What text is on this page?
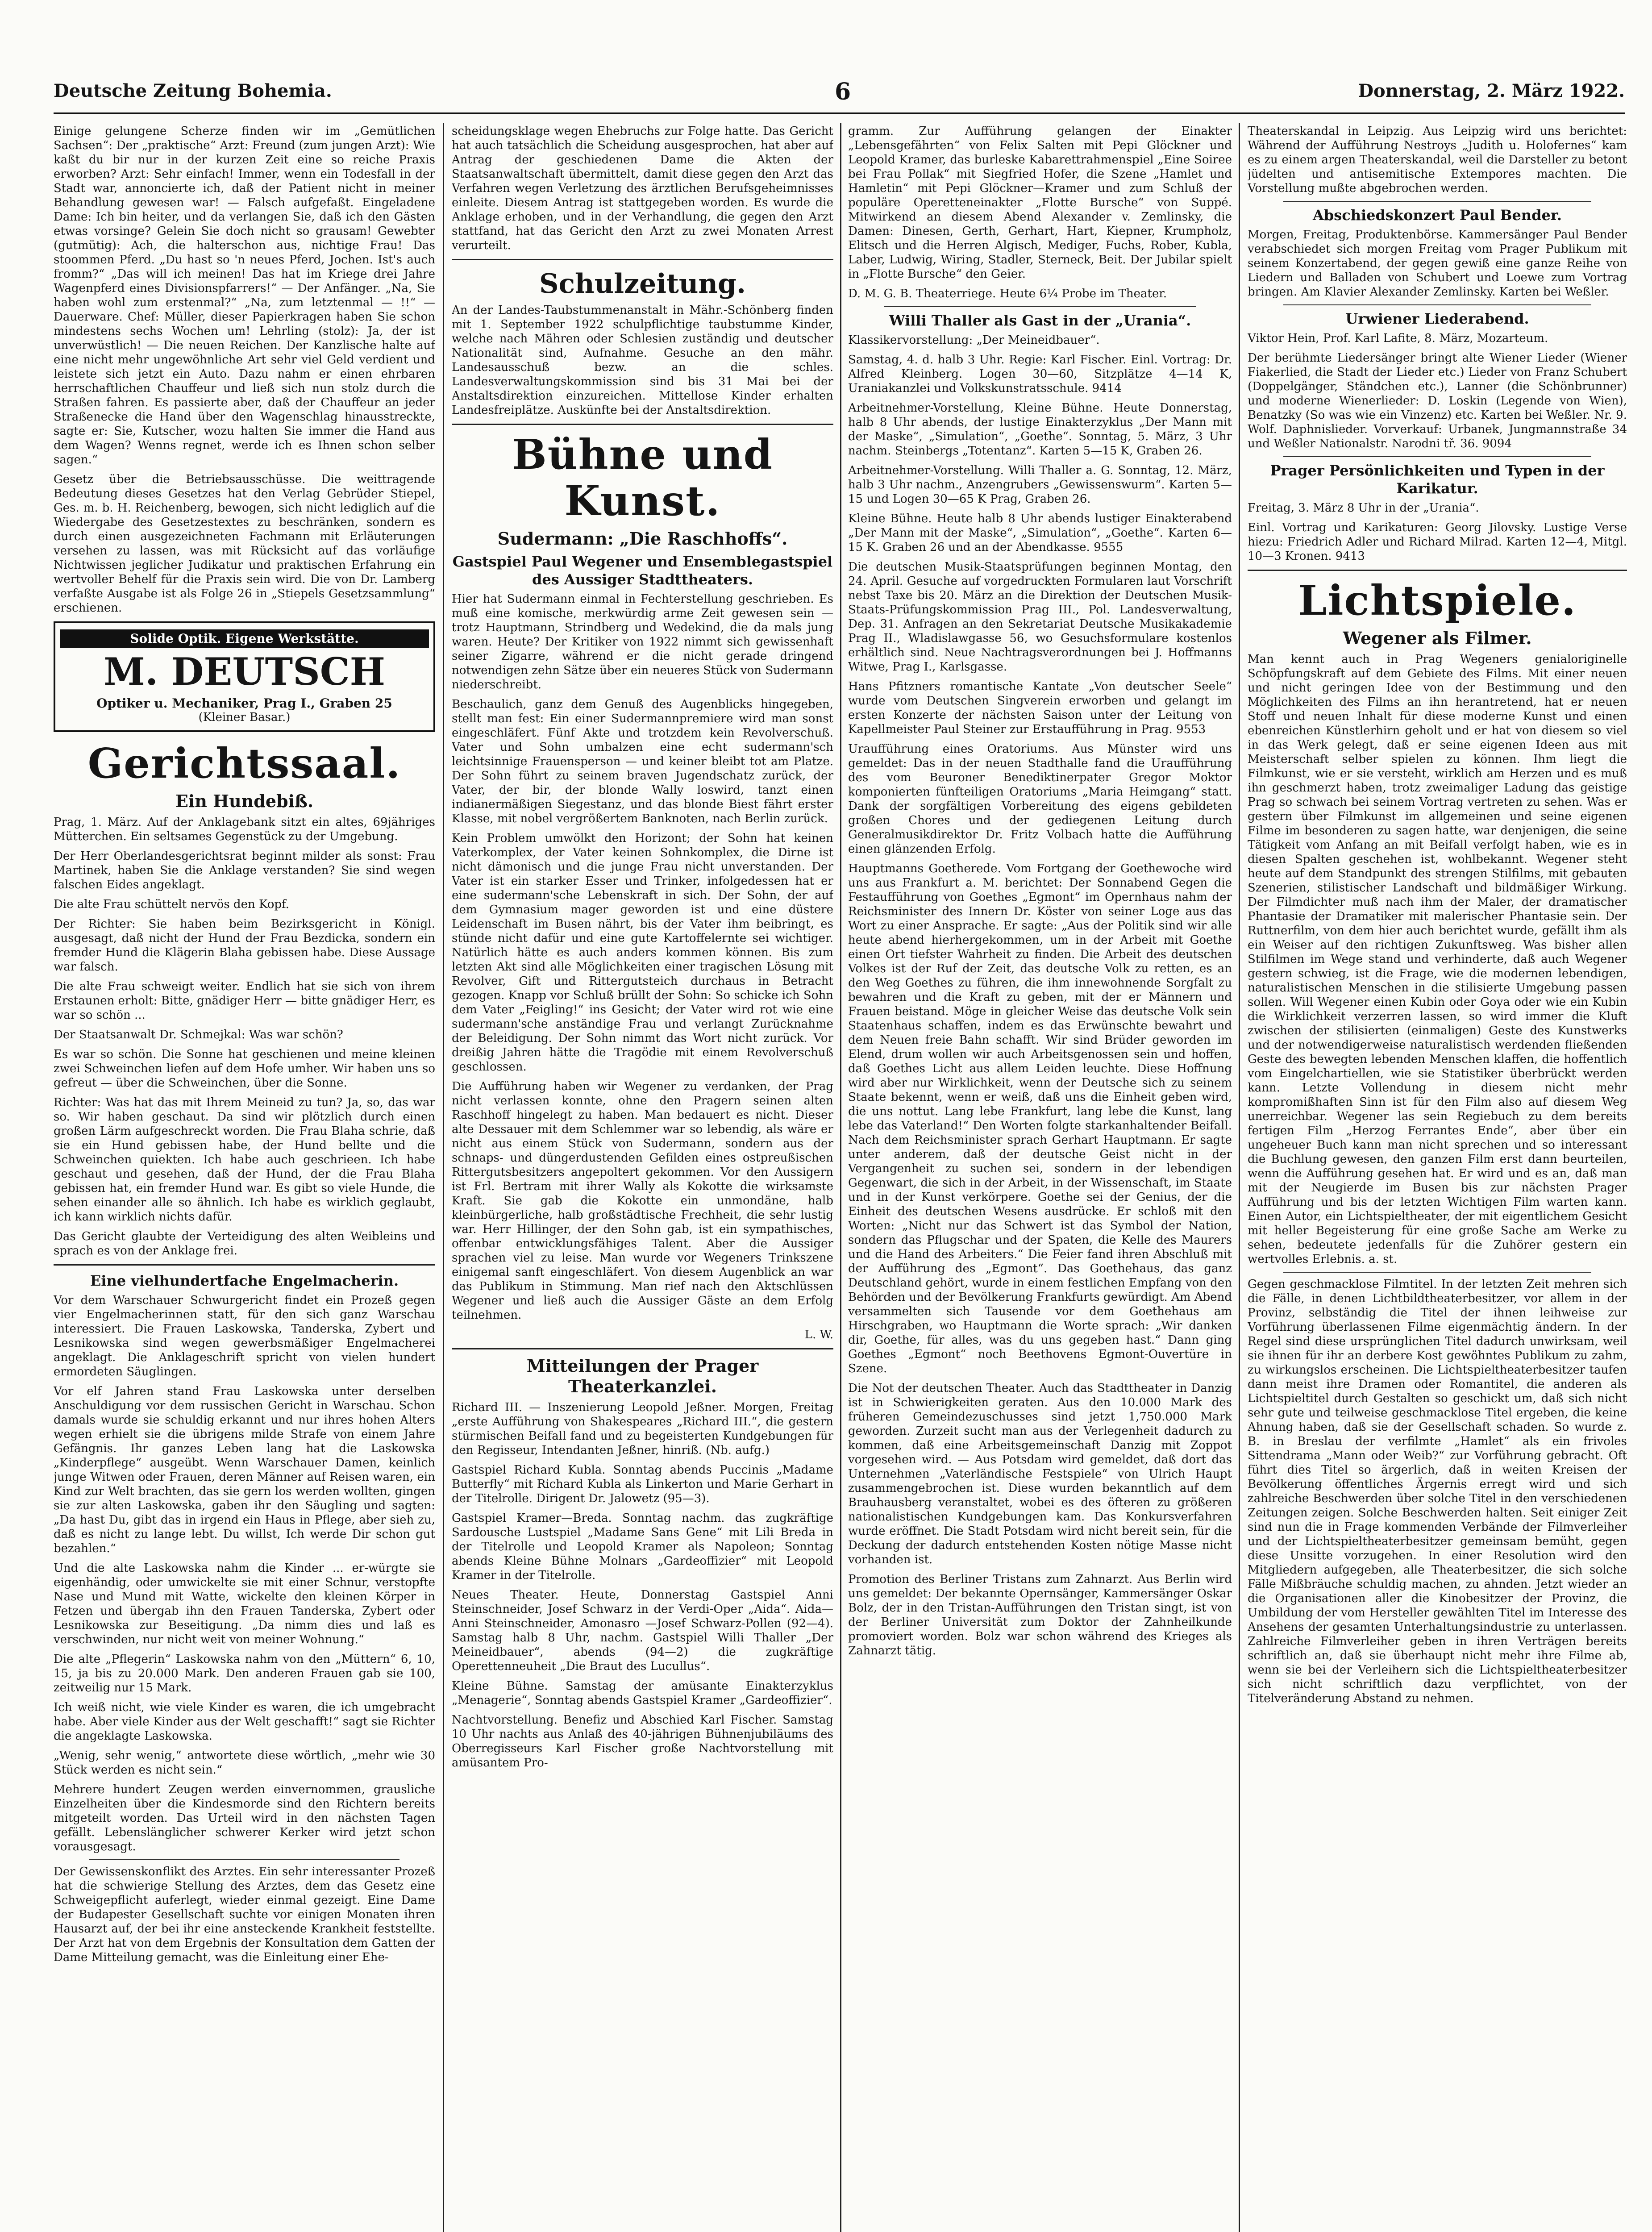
Deutsche Zeitung Bohemia.	6	Donnerstag, 2. März 1922.

Einige gelungene Scherze finden wir im „Gemütlichen Sachsen“: Der „praktische“ Arzt: Freund (zum jungen Arzt): Wie kaßt du bir nur in der kurzen Zeit eine so reiche Praxis erworben? Arzt: Sehr einfach! Immer, wenn ein Todesfall in der Stadt war, annoncierte ich, daß der Patient nicht in meiner Behandlung gewesen war! — Falsch aufgefaßt. Eingeladene Dame: Ich bin heiter, und da verlangen Sie, daß ich den Gästen etwas vorsinge? Gelein Sie doch nicht so grausam! Gewebter (gutmütig): Ach, die halterschon aus, nichtige Frau! Das stoommen Pferd. „Du hast so 'n neues Pferd, Jochen. Ist's auch fromm?“ „Das will ich meinen! Das hat im Kriege drei Jahre Wagenpferd eines Divisionspfarrers!“ — Der Anfänger. „Na, Sie haben wohl zum erstenmal?“ „Na, zum letztenmal — !!“ — Dauerware. Chef: Müller, dieser Papierkragen haben Sie schon mindestens sechs Wochen um! Lehrling (stolz): Ja, der ist unverwüstlich! — Die neuen Reichen. Der Kanzlische halte auf eine nicht mehr ungewöhnliche Art sehr viel Geld verdient und leistete sich jetzt ein Auto. Dazu nahm er einen ehrbaren herrschaftlichen Chauffeur und ließ sich nun stolz durch die Straßen fahren. Es passierte aber, daß der Chauffeur an jeder Straßenecke die Hand über den Wagenschlag hinausstreckte, sagte er: Sie, Kutscher, wozu halten Sie immer die Hand aus dem Wagen? Wenns regnet, werde ich es Ihnen schon selber sagen.“

Gesetz über die Betriebsausschüsse. Die weittragende Bedeutung dieses Gesetzes hat den Verlag Gebrüder Stiepel, Ges. m. b. H. Reichenberg, bewogen, sich nicht lediglich auf die Wiedergabe des Gesetzestextes zu beschränken, sondern es durch einen ausgezeichneten Fachmann mit Erläuterungen versehen zu lassen, was mit Rücksicht auf das vorläufige Nichtwissen jeglicher Judikatur und praktischen Erfahrung ein wertvoller Behelf für die Praxis sein wird. Die von Dr. Lamberg verfaßte Ausgabe ist als Folge 26 in „Stiepels Gesetzsammlung“ erschienen.

Solide Optik. Eigene Werkstätte.
M. DEUTSCH
Optiker u. Mechaniker, Prag I., Graben 25
(Kleiner Basar.)
Gerichtssaal.
Ein Hundebiß.

Prag, 1. März. Auf der Anklagebank sitzt ein altes, 69jähriges Mütterchen. Ein seltsames Gegenstück zu der Umgebung.

Der Herr Oberlandesgerichtsrat beginnt milder als sonst: Frau Martinek, haben Sie die Anklage verstanden? Sie sind wegen falschen Eides angeklagt.

Die alte Frau schüttelt nervös den Kopf.

Der Richter: Sie haben beim Bezirksgericht in Königl. ausgesagt, daß nicht der Hund der Frau Bezdicka, sondern ein fremder Hund die Klägerin Blaha gebissen habe. Diese Aussage war falsch.

Die alte Frau schweigt weiter. Endlich hat sie sich von ihrem Erstaunen erholt: Bitte, gnädiger Herr — bitte gnädiger Herr, es war so schön ...

Der Staatsanwalt Dr. Schmejkal: Was war schön?

Es war so schön. Die Sonne hat geschienen und meine kleinen zwei Schweinchen liefen auf dem Hofe umher. Wir haben uns so gefreut — über die Schweinchen, über die Sonne.

Richter: Was hat das mit Ihrem Meineid zu tun? Ja, so, das war so. Wir haben geschaut. Da sind wir plötzlich durch einen großen Lärm aufgeschreckt worden. Die Frau Blaha schrie, daß sie ein Hund gebissen habe, der Hund bellte und die Schweinchen quiekten. Ich habe auch geschrieen. Ich habe geschaut und gesehen, daß der Hund, der die Frau Blaha gebissen hat, ein fremder Hund war. Es gibt so viele Hunde, die sehen einander alle so ähnlich. Ich habe es wirklich geglaubt, ich kann wirklich nichts dafür.

Das Gericht glaubte der Verteidigung des alten Weibleins und sprach es von der Anklage frei.

Eine vielhundertfache Engelmacherin.

Vor dem Warschauer Schwurgericht findet ein Prozeß gegen vier Engelmacherinnen statt, für den sich ganz Warschau interessiert. Die Frauen Laskowska, Tanderska, Zybert und Lesnikowska sind wegen gewerbsmäßiger Engelmacherei angeklagt. Die Anklageschrift spricht von vielen hundert ermordeten Säuglingen.

Vor elf Jahren stand Frau Laskowska unter derselben Anschuldigung vor dem russischen Gericht in Warschau. Schon damals wurde sie schuldig erkannt und nur ihres hohen Alters wegen erhielt sie die übrigens milde Strafe von einem Jahre Gefängnis. Ihr ganzes Leben lang hat die Laskowska „Kinderpflege“ ausgeübt. Wenn Warschauer Damen, keinlich junge Witwen oder Frauen, deren Männer auf Reisen waren, ein Kind zur Welt brachten, das sie gern los werden wollten, gingen sie zur alten Laskowska, gaben ihr den Säugling und sagten: „Da hast Du, gibt das in irgend ein Haus in Pflege, aber sieh zu, daß es nicht zu lange lebt. Du willst, Ich werde Dir schon gut bezahlen.“

Und die alte Laskowska nahm die Kinder ... er-würgte sie eigenhändig, oder umwickelte sie mit einer Schnur, verstopfte Nase und Mund mit Watte, wickelte den kleinen Körper in Fetzen und übergab ihn den Frauen Tanderska, Zybert oder Lesnikowska zur Beseitigung. „Da nimm dies und laß es verschwinden, nur nicht weit von meiner Wohnung.“

Die alte „Pflegerin“ Laskowska nahm von den „Müttern“ 6, 10, 15, ja bis zu 20.000 Mark. Den anderen Frauen gab sie 100, zeitweilig nur 15 Mark.

Ich weiß nicht, wie viele Kinder es waren, die ich umgebracht habe. Aber viele Kinder aus der Welt geschafft!“ sagt sie Richter die angeklagte Laskowska.

„Wenig, sehr wenig,“ antwortete diese wörtlich, „mehr wie 30 Stück werden es nicht sein.“

Mehrere hundert Zeugen werden einvernommen, grausliche Einzelheiten über die Kindesmorde sind den Richtern bereits mitgeteilt worden. Das Urteil wird in den nächsten Tagen gefällt. Lebenslänglicher schwerer Kerker wird jetzt schon vorausgesagt.

Der Gewissenskonflikt des Arztes. Ein sehr interessanter Prozeß hat die schwierige Stellung des Arztes, dem das Gesetz eine Schweigepflicht auferlegt, wieder einmal gezeigt. Eine Dame der Budapester Gesellschaft suchte vor einigen Monaten ihren Hausarzt auf, der bei ihr eine ansteckende Krankheit feststellte. Der Arzt hat von dem Ergebnis der Konsultation dem Gatten der Dame Mitteilung gemacht, was die Einleitung einer Ehe-

scheidungsklage wegen Ehebruchs zur Folge hatte. Das Gericht hat auch tatsächlich die Scheidung ausgesprochen, hat aber auf Antrag der geschiedenen Dame die Akten der Staatsanwaltschaft übermittelt, damit diese gegen den Arzt das Verfahren wegen Verletzung des ärztlichen Berufsgeheimnisses einleite. Diesem Antrag ist stattgegeben worden. Es wurde die Anklage erhoben, und in der Verhandlung, die gegen den Arzt stattfand, hat das Gericht den Arzt zu zwei Monaten Arrest verurteilt.

Schulzeitung.

An der Landes-Taubstummenanstalt in Mähr.-Schönberg finden mit 1. September 1922 schulpflichtige taubstumme Kinder, welche nach Mähren oder Schlesien zuständig und deutscher Nationalität sind, Aufnahme. Gesuche an den mähr. Landesausschuß bezw. an die schles. Landesverwaltungskommission sind bis 31 Mai bei der Anstaltsdirektion einzureichen. Mittellose Kinder erhalten Landesfreiplätze. Auskünfte bei der Anstaltsdirektion.

Bühne und Kunst.
Sudermann: „Die Raschhoffs“.
Gastspiel Paul Wegener und Ensemblegastspiel des Aussiger Stadttheaters.

Hier hat Sudermann einmal in Fechterstellung geschrieben. Es muß eine komische, merkwürdig arme Zeit gewesen sein — trotz Hauptmann, Strindberg und Wedekind, die da mals jung waren. Heute? Der Kritiker von 1922 nimmt sich gewissenhaft seiner Zigarre, während er die nicht gerade dringend notwendigen zehn Sätze über ein neueres Stück von Sudermann niederschreibt.

Beschaulich, ganz dem Genuß des Augenblicks hingegeben, stellt man fest: Ein einer Sudermannpremiere wird man sonst eingeschläfert. Fünf Akte und trotzdem kein Revolverschuß. Vater und Sohn umbalzen eine echt sudermann'sch leichtsinnige Frauensperson — und keiner bleibt tot am Platze. Der Sohn führt zu seinem braven Jugendschatz zurück, der Vater, der bir, der blonde Wally loswird, tanzt einen indianermäßigen Siegestanz, und das blonde Biest fährt erster Klasse, mit nobel vergrößertem Banknoten, nach Berlin zurück.

Kein Problem umwölkt den Horizont; der Sohn hat keinen Vaterkomplex, der Vater keinen Sohnkomplex, die Dirne ist nicht dämonisch und die junge Frau nicht unverstanden. Der Vater ist ein starker Esser und Trinker, infolgedessen hat er eine sudermann'sche Lebenskraft in sich. Der Sohn, der auf dem Gymnasium mager geworden ist und eine düstere Leidenschaft im Busen nährt, bis der Vater ihm beibringt, es stünde nicht dafür und eine gute Kartoffelernte sei wichtiger. Natürlich hätte es auch anders kommen können. Bis zum letzten Akt sind alle Möglichkeiten einer tragischen Lösung mit Revolver, Gift und Rittergutsteich durchaus in Betracht gezogen. Knapp vor Schluß brüllt der Sohn: So schicke ich Sohn dem Vater „Feigling!“ ins Gesicht; der Vater wird rot wie eine sudermann'sche anständige Frau und verlangt Zurücknahme der Beleidigung. Der Sohn nimmt das Wort nicht zurück. Vor dreißig Jahren hätte die Tragödie mit einem Revolverschuß geschlossen.

Die Aufführung haben wir Wegener zu verdanken, der Prag nicht verlassen konnte, ohne den Pragern seinen alten Raschhoff hingelegt zu haben. Man bedauert es nicht. Dieser alte Dessauer mit dem Schlemmer war so lebendig, als wäre er nicht aus einem Stück von Sudermann, sondern aus der schnaps- und düngerdustenden Gefilden eines ostpreußischen Rittergutsbesitzers angepoltert gekommen. Vor den Aussigern ist Frl. Bertram mit ihrer Wally als Kokotte die wirksamste Kraft. Sie gab die Kokotte ein unmondäne, halb kleinbürgerliche, halb großstädtische Frechheit, die sehr lustig war. Herr Hillinger, der den Sohn gab, ist ein sympathisches, offenbar entwicklungsfähiges Talent. Aber die Aussiger sprachen viel zu leise. Man wurde vor Wegeners Trinkszene einigemal sanft eingeschläfert. Von diesem Augenblick an war das Publikum in Stimmung. Man rief nach den Aktschlüssen Wegener und ließ auch die Aussiger Gäste an dem Erfolg teilnehmen.

L. W.

Mitteilungen der Prager Theaterkanzlei.

Richard III. — Inszenierung Leopold Jeßner. Morgen, Freitag „erste Aufführung von Shakespeares „Richard III.“, die gestern stürmischen Beifall fand und zu begeisterten Kundgebungen für den Regisseur, Intendanten Jeßner, hinriß. (Nb. aufg.)

Gastspiel Richard Kubla. Sonntag abends Puccinis „Madame Butterfly“ mit Richard Kubla als Linkerton und Marie Gerhart in der Titelrolle. Dirigent Dr. Jalowetz (95—3).

Gastspiel Kramer—Breda. Sonntag nachm. das zugkräftige Sardousche Lustspiel „Madame Sans Gene“ mit Lili Breda in der Titelrolle und Leopold Kramer als Napoleon; Sonntag abends Kleine Bühne Molnars „Gardeoffizier“ mit Leopold Kramer in der Titelrolle.

Neues Theater. Heute, Donnerstag Gastspiel Anni Steinschneider, Josef Schwarz in der Verdi-Oper „Aida“. Aida—Anni Steinschneider, Amonasro —Josef Schwarz-Pollen (92—4). Samstag halb 8 Uhr, nachm. Gastspiel Willi Thaller „Der Meineidbauer“, abends (94—2) die zugkräftige Operettenneuheit „Die Braut des Lucullus“.

Kleine Bühne. Samstag der amüsante Einakterzyklus „Menagerie“, Sonntag abends Gastspiel Kramer „Gardeoffizier“.

Nachtvorstellung. Benefiz und Abschied Karl Fischer. Samstag 10 Uhr nachts aus Anlaß des 40-jährigen Bühnenjubiläums des Oberregisseurs Karl Fischer große Nachtvorstellung mit amüsantem Pro-

gramm. Zur Aufführung gelangen der Einakter „Lebensgefährten“ von Felix Salten mit Pepi Glöckner und Leopold Kramer, das burleske Kabarettrahmenspiel „Eine Soiree bei Frau Pollak“ mit Siegfried Hofer, die Szene „Hamlet und Hamletin“ mit Pepi Glöckner—Kramer und zum Schluß der populäre Operetteneinakter „Flotte Bursche“ von Suppé. Mitwirkend an diesem Abend Alexander v. Zemlinsky, die Damen: Dinesen, Gerth, Gerhart, Hart, Kiepner, Krumpholz, Elitsch und die Herren Algisch, Mediger, Fuchs, Rober, Kubla, Laber, Ludwig, Wiring, Stadler, Sterneck, Beit. Der Jubilar spielt in „Flotte Bursche“ den Geier.

D. M. G. B. Theaterriege. Heute 6¼ Probe im Theater.

Willi Thaller als Gast in der „Urania“.

Klassikervorstellung: „Der Meineidbauer“.

Samstag, 4. d. halb 3 Uhr. Regie: Karl Fischer. Einl. Vortrag: Dr. Alfred Kleinberg. Logen 30—60, Sitzplätze 4—14 K, Uraniakanzlei und Volkskunstratsschule. 9414

Arbeitnehmer-Vorstellung, Kleine Bühne. Heute Donnerstag, halb 8 Uhr abends, der lustige Einakterzyklus „Der Mann mit der Maske“, „Simulation“, „Goethe“. Sonntag, 5. März, 3 Uhr nachm. Steinbergs „Totentanz“. Karten 5—15 K, Graben 26.

Arbeitnehmer-Vorstellung. Willi Thaller a. G. Sonntag, 12. März, halb 3 Uhr nachm., Anzengrubers „Gewissenswurm“. Karten 5—15 und Logen 30—65 K Prag, Graben 26.

Kleine Bühne. Heute halb 8 Uhr abends lustiger Einakterabend „Der Mann mit der Maske“, „Simulation“, „Goethe“. Karten 6—15 K. Graben 26 und an der Abendkasse. 9555

Die deutschen Musik-Staatsprüfungen beginnen Montag, den 24. April. Gesuche auf vorgedruckten Formularen laut Vorschrift nebst Taxe bis 20. März an die Direktion der Deutschen Musik-Staats-Prüfungskommission Prag III., Pol. Landesverwaltung, Dep. 31. Anfragen an den Sekretariat Deutsche Musikakademie Prag II., Wladislawgasse 56, wo Gesuchsformulare kostenlos erhältlich sind. Neue Nachtragsverordnungen bei J. Hoffmanns Witwe, Prag I., Karlsgasse.

Hans Pfitzners romantische Kantate „Von deutscher Seele“ wurde vom Deutschen Singverein erworben und gelangt im ersten Konzerte der nächsten Saison unter der Leitung von Kapellmeister Paul Steiner zur Erstaufführung in Prag. 9553

Uraufführung eines Oratoriums. Aus Münster wird uns gemeldet: Das in der neuen Stadthalle fand die Uraufführung des vom Beuroner Benediktinerpater Gregor Moktor komponierten fünfteiligen Oratoriums „Maria Heimgang“ statt. Dank der sorgfältigen Vorbereitung des eigens gebildeten großen Chores und der gediegenen Leitung durch Generalmusikdirektor Dr. Fritz Volbach hatte die Aufführung einen glänzenden Erfolg.

Hauptmanns Goetherede. Vom Fortgang der Goethewoche wird uns aus Frankfurt a. M. berichtet: Der Sonnabend Gegen die Festaufführung von Goethes „Egmont“ im Opernhaus nahm der Reichsminister des Innern Dr. Köster von seiner Loge aus das Wort zu einer Ansprache. Er sagte: „Aus der Politik sind wir alle heute abend hierhergekommen, um in der Arbeit mit Goethe einen Ort tiefster Wahrheit zu finden. Die Arbeit des deutschen Volkes ist der Ruf der Zeit, das deutsche Volk zu retten, es an den Weg Goethes zu führen, die ihm innewohnende Sorgfalt zu bewahren und die Kraft zu geben, mit der er Männern und Frauen beistand. Möge in gleicher Weise das deutsche Volk sein Staatenhaus schaffen, indem es das Erwünschte bewahrt und dem Neuen freie Bahn schafft. Wir sind Brüder geworden im Elend, drum wollen wir auch Arbeitsgenossen sein und hoffen, daß Goethes Licht aus allem Leiden leuchte. Diese Hoffnung wird aber nur Wirklichkeit, wenn der Deutsche sich zu seinem Staate bekennt, wenn er weiß, daß uns die Einheit geben wird, die uns nottut. Lang lebe Frankfurt, lang lebe die Kunst, lang lebe das Vaterland!“ Den Worten folgte starkanhaltender Beifall. Nach dem Reichsminister sprach Gerhart Hauptmann. Er sagte unter anderem, daß der deutsche Geist nicht in der Vergangenheit zu suchen sei, sondern in der lebendigen Gegenwart, die sich in der Arbeit, in der Wissenschaft, im Staate und in der Kunst verkörpere. Goethe sei der Genius, der die Einheit des deutschen Wesens ausdrücke. Er schloß mit den Worten: „Nicht nur das Schwert ist das Symbol der Nation, sondern das Pflugschar und der Spaten, die Kelle des Maurers und die Hand des Arbeiters.“ Die Feier fand ihren Abschluß mit der Aufführung des „Egmont“. Das Goethehaus, das ganz Deutschland gehört, wurde in einem festlichen Empfang von den Behörden und der Bevölkerung Frankfurts gewürdigt. Am Abend versammelten sich Tausende vor dem Goethehaus am Hirschgraben, wo Hauptmann die Worte sprach: „Wir danken dir, Goethe, für alles, was du uns gegeben hast.“ Dann ging Goethes „Egmont“ noch Beethovens Egmont-Ouvertüre in Szene.

Die Not der deutschen Theater. Auch das Stadttheater in Danzig ist in Schwierigkeiten geraten. Aus den 10.000 Mark des früheren Gemeindezuschusses sind jetzt 1,750.000 Mark geworden. Zurzeit sucht man aus der Verlegenheit dadurch zu kommen, daß eine Arbeitsgemeinschaft Danzig mit Zoppot vorgesehen wird. — Aus Potsdam wird gemeldet, daß dort das Unternehmen „Vaterländische Festspiele“ von Ulrich Haupt zusammengebrochen ist. Diese wurden bekanntlich auf dem Brauhausberg veranstaltet, wobei es des öfteren zu größeren nationalistischen Kundgebungen kam. Das Konkursverfahren wurde eröffnet. Die Stadt Potsdam wird nicht bereit sein, für die Deckung der dadurch entstehenden Kosten nötige Masse nicht vorhanden ist.

Promotion des Berliner Tristans zum Zahnarzt. Aus Berlin wird uns gemeldet: Der bekannte Opernsänger, Kammersänger Oskar Bolz, der in den Tristan-Aufführungen den Tristan singt, ist von der Berliner Universität zum Doktor der Zahnheilkunde promoviert worden. Bolz war schon während des Krieges als Zahnarzt tätig.

Theaterskandal in Leipzig. Aus Leipzig wird uns berichtet: Während der Aufführung Nestroys „Judith u. Holofernes“ kam es zu einem argen Theaterskandal, weil die Darsteller zu betont jüdelten und antisemitische Extempores machten. Die Vorstellung mußte abgebrochen werden.

Abschiedskonzert Paul Bender.

Morgen, Freitag, Produktenbörse. Kammersänger Paul Bender verabschiedet sich morgen Freitag vom Prager Publikum mit seinem Konzertabend, der gegen gewiß eine ganze Reihe von Liedern und Balladen von Schubert und Loewe zum Vortrag bringen. Am Klavier Alexander Zemlinsky. Karten bei Weßler.

Urwiener Liederabend.

Viktor Hein, Prof. Karl Lafite, 8. März, Mozarteum.

Der berühmte Liedersänger bringt alte Wiener Lieder (Wiener Fiakerlied, die Stadt der Lieder etc.) Lieder von Franz Schubert (Doppelgänger, Ständchen etc.), Lanner (die Schönbrunner) und moderne Wienerlieder: D. Loskin (Legende von Wien), Benatzky (So was wie ein Vinzenz) etc. Karten bei Weßler. Nr. 9. Wolf. Daphnislieder. Vorverkauf: Urbanek, Jungmannstraße 34 und Weßler Nationalstr. Narodni tř. 36. 9094

Prager Persönlichkeiten und Typen in der Karikatur.

Freitag, 3. März 8 Uhr in der „Urania“.

Einl. Vortrag und Karikaturen: Georg Jilovsky. Lustige Verse hiezu: Friedrich Adler und Richard Milrad. Karten 12—4, Mitgl. 10—3 Kronen. 9413

Lichtspiele.
Wegener als Filmer.

Man kennt auch in Prag Wegeners genialoriginelle Schöpfungskraft auf dem Gebiete des Films. Mit einer neuen und nicht geringen Idee von der Bestimmung und den Möglichkeiten des Films an ihn herantretend, hat er neuen Stoff und neuen Inhalt für diese moderne Kunst und einen ebenreichen Künstlerhirn geholt und er hat von diesem so viel in das Werk gelegt, daß er seine eigenen Ideen aus mit Meisterschaft selber spielen zu können. Ihm liegt die Filmkunst, wie er sie versteht, wirklich am Herzen und es muß ihn geschmerzt haben, trotz zweimaliger Ladung das geistige Prag so schwach bei seinem Vortrag vertreten zu sehen. Was er gestern über Filmkunst im allgemeinen und seine eigenen Filme im besonderen zu sagen hatte, war denjenigen, die seine Tätigkeit vom Anfang an mit Beifall verfolgt haben, wie es in diesen Spalten geschehen ist, wohlbekannt. Wegener steht heute auf dem Standpunkt des strengen Stilfilms, mit gebauten Szenerien, stilistischer Landschaft und bildmäßiger Wirkung. Der Filmdichter muß nach ihm der Maler, der dramatischer Phantasie der Dramatiker mit malerischer Phantasie sein. Der Ruttnerfilm, von dem hier auch berichtet wurde, gefällt ihm als ein Weiser auf den richtigen Zukunftsweg. Was bisher allen Stilfilmen im Wege stand und verhinderte, daß auch Wegener gestern schwieg, ist die Frage, wie die modernen lebendigen, naturalistischen Menschen in die stilisierte Umgebung passen sollen. Will Wegener einen Kubin oder Goya oder wie ein Kubin die Wirklichkeit verzerren lassen, so wird immer die Kluft zwischen der stilisierten (einmaligen) Geste des Kunstwerks und der notwendigerweise naturalistisch werdenden fließenden Geste des bewegten lebenden Menschen klaffen, die hoffentlich vom Eingelchartiellen, wie sie Statistiker überbrückt werden kann. Letzte Vollendung in diesem nicht mehr kompromißhaften Sinn ist für den Film also auf diesem Weg unerreichbar. Wegener las sein Regiebuch zu dem bereits fertigen Film „Herzog Ferrantes Ende“, aber über ein ungeheuer Buch kann man nicht sprechen und so interessant die Buchlung gewesen, den ganzen Film erst dann beurteilen, wenn die Aufführung gesehen hat. Er wird und es an, daß man mit der Neugierde im Busen bis zur nächsten Prager Aufführung und bis der letzten Wichtigen Film warten kann. Einen Autor, ein Lichtspieltheater, der mit eigentlichem Gesicht mit heller Begeisterung für eine große Sache am Werke zu sehen, bedeutete jedenfalls für die Zuhörer gestern ein wertvolles Erlebnis. a. st.

Gegen geschmacklose Filmtitel. In der letzten Zeit mehren sich die Fälle, in denen Lichtbildtheaterbesitzer, vor allem in der Provinz, selbständig die Titel der ihnen leihweise zur Vorführung überlassenen Filme eigenmächtig ändern. In der Regel sind diese ursprünglichen Titel dadurch unwirksam, weil sie ihnen für ihr an derbere Kost gewöhntes Publikum zu zahm, zu wirkungslos erscheinen. Die Lichtspieltheaterbesitzer taufen dann meist ihre Dramen oder Romantitel, die anderen als Lichtspieltitel durch Gestalten so geschickt um, daß sich nicht sehr gute und teilweise geschmacklose Titel ergeben, die keine Ahnung haben, daß sie der Gesellschaft schaden. So wurde z. B. in Breslau der verfilmte „Hamlet“ als ein frivoles Sittendrama „Mann oder Weib?“ zur Vorführung gebracht. Oft führt dies Titel so ärgerlich, daß in weiten Kreisen der Bevölkerung öffentliches Ärgernis erregt wird und sich zahlreiche Beschwerden über solche Titel in den verschiedenen Zeitungen zeigen. Solche Beschwerden halten. Seit einiger Zeit sind nun die in Frage kommenden Verbände der Filmverleiher und der Lichtspieltheaterbesitzer gemeinsam bemüht, gegen diese Unsitte vorzugehen. In einer Resolution wird den Mitgliedern aufgegeben, alle Theaterbesitzer, die sich solche Fälle Mißbräuche schuldig machen, zu ahnden. Jetzt wieder an die Organisationen aller die Kinobesitzer der Provinz, die Umbildung der vom Hersteller gewählten Titel im Interesse des Ansehens der gesamten Unterhaltungsindustrie zu unterlassen. Zahlreiche Filmverleiher geben in ihren Verträgen bereits schriftlich an, daß sie überhaupt nicht mehr ihre Filme ab, wenn sie bei der Verleihern sich die Lichtspieltheaterbesitzer sich nicht schriftlich dazu verpflichtet, von der Titelveränderung Abstand zu nehmen.
